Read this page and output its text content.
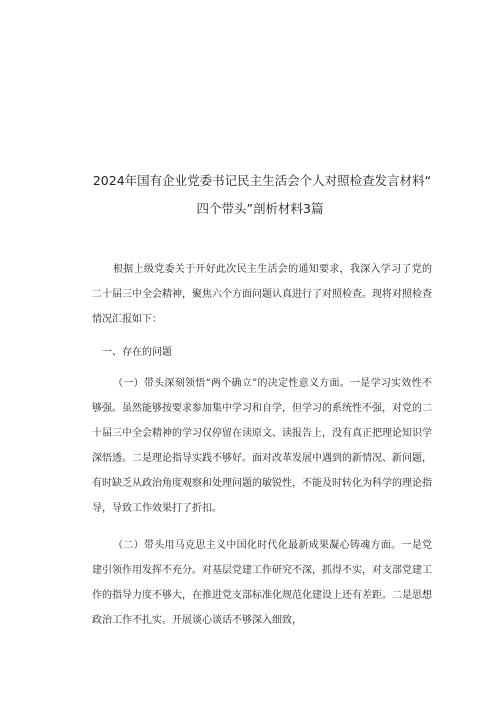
2024年国有企业党委书记民主生活会个人对照检查发言材料“
四个带头”剖析材料3篇

根据上级党委关于开好此次民主生活会的通知要求，我深入学习了党的二十届三中全会精神，聚焦六个方面问题认真进行了对照检查。现将对照检查情况汇报如下：

一、存在的问题

（一）带头深刻领悟“两个确立”的决定性意义方面。一是学习实效性不够强。虽然能够按要求参加集中学习和自学，但学习的系统性不强，对党的二十届三中全会精神的学习仅停留在读原文、读报告上，没有真正把理论知识学深悟透。二是理论指导实践不够好。面对改革发展中遇到的新情况、新问题，有时缺乏从政治角度观察和处理问题的敏锐性，不能及时转化为科学的理论指导，导致工作效果打了折扣。

（二）带头用马克思主义中国化时代化最新成果凝心铸魂方面。一是党建引领作用发挥不充分。对基层党建工作研究不深，抓得不实，对支部党建工作的指导力度不够大，在推进党支部标准化规范化建设上还有差距。二是思想政治工作不扎实。开展谈心谈话不够深入细致，
